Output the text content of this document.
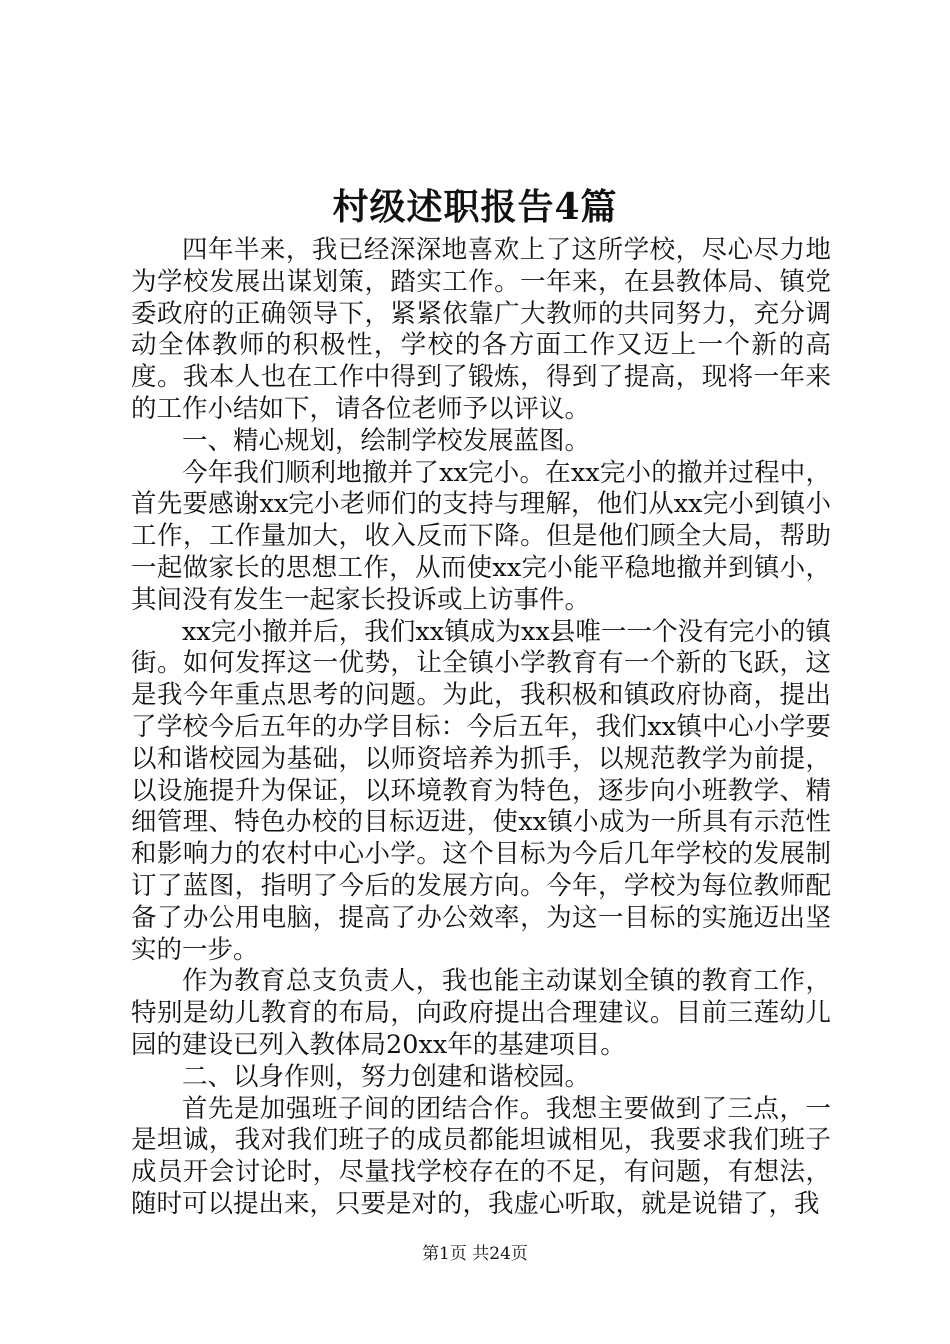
村级述职报告4篇

四年半来，我已经深深地喜欢上了这所学校，尽心尽力地为学校发展出谋划策，踏实工作。一年来，在县教体局、镇党委政府的正确领导下，紧紧依靠广大教师的共同努力，充分调动全体教师的积极性，学校的各方面工作又迈上一个新的高度。我本人也在工作中得到了锻炼，得到了提高，现将一年来的工作小结如下，请各位老师予以评议。

一、精心规划，绘制学校发展蓝图。

今年我们顺利地撤并了xx完小。在xx完小的撤并过程中，首先要感谢xx完小老师们的支持与理解，他们从xx完小到镇小工作，工作量加大，收入反而下降。但是他们顾全大局，帮助一起做家长的思想工作，从而使xx完小能平稳地撤并到镇小，其间没有发生一起家长投诉或上访事件。

xx完小撤并后，我们xx镇成为xx县唯一一个没有完小的镇街。如何发挥这一优势，让全镇小学教育有一个新的飞跃，这是我今年重点思考的问题。为此，我积极和镇政府协商，提出了学校今后五年的办学目标：今后五年，我们xx镇中心小学要以和谐校园为基础，以师资培养为抓手，以规范教学为前提，以设施提升为保证，以环境教育为特色，逐步向小班教学、精细管理、特色办校的目标迈进，使xx镇小成为一所具有示范性和影响力的农村中心小学。这个目标为今后几年学校的发展制订了蓝图，指明了今后的发展方向。今年，学校为每位教师配备了办公用电脑，提高了办公效率，为这一目标的实施迈出坚实的一步。

作为教育总支负责人，我也能主动谋划全镇的教育工作，特别是幼儿教育的布局，向政府提出合理建议。目前三莲幼儿园的建设已列入教体局20xx年的基建项目。

二、以身作则，努力创建和谐校园。

首先是加强班子间的团结合作。我想主要做到了三点，一是坦诚，我对我们班子的成员都能坦诚相见，我要求我们班子成员开会讨论时，尽量找学校存在的不足，有问题，有想法，随时可以提出来，只要是对的，我虚心听取，就是说错了，我

第1页 共24页
